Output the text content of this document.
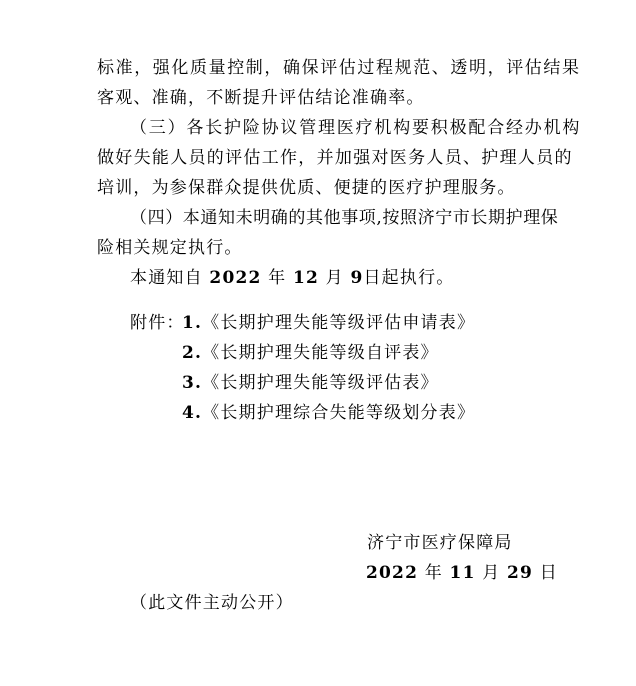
标准，强化质量控制，确保评估过程规范、透明，评估结果
客观、准确，不断提升评估结论准确率。
（三）各长护险协议管理医疗机构要积极配合经办机构
做好失能人员的评估工作，并加强对医务人员、护理人员的
培训，为参保群众提供优质、便捷的医疗护理服务。
（四）本通知未明确的其他事项,按照济宁市长期护理保
险相关规定执行。
本通知自 2022 年 12 月 9日起执行。
附件：
1.《长期护理失能等级评估申请表》
2.《长期护理失能等级自评表》
3.《长期护理失能等级评估表》
4.《长期护理综合失能等级划分表》
济宁市医疗保障局
2022 年 11 月 29 日
（此文件主动公开）
